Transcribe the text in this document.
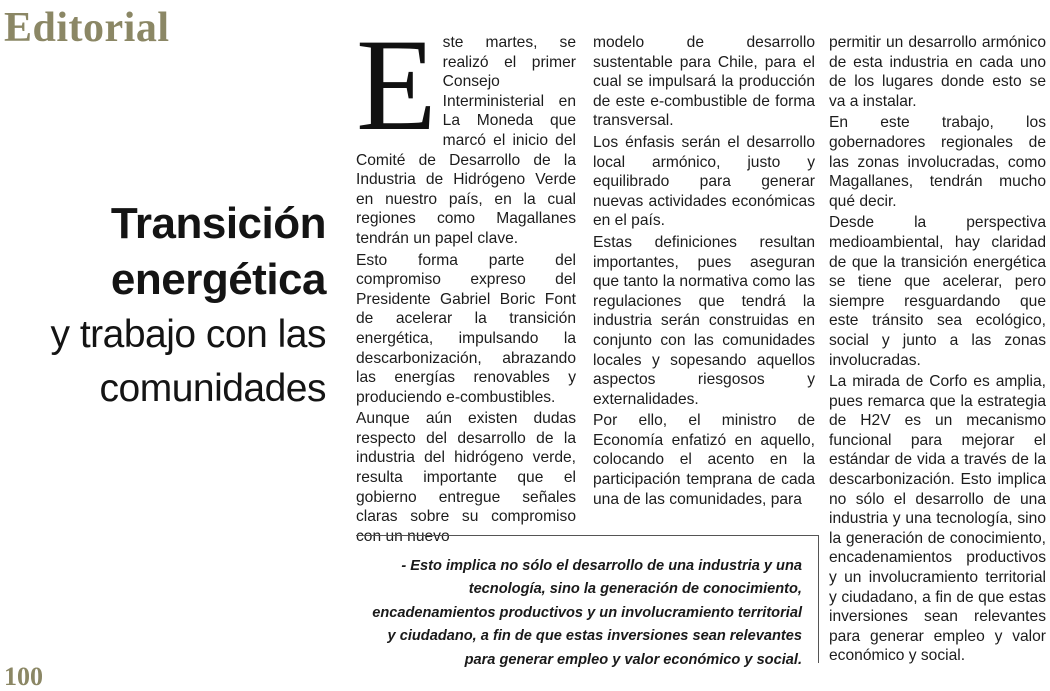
Editorial
Transición
energética
y trabajo con las
comunidades

Este martes, se realizó el primer Consejo Interministerial en La Moneda que marcó el inicio del Comité de Desarrollo de la Industria de Hidrógeno Verde en nuestro país, en la cual regiones como Magallanes tendrán un papel clave.

Esto forma parte del compromiso expreso del Presidente Gabriel Boric Font de acelerar la transición energética, impulsando la descarbonización, abrazando las energías renovables y produciendo e-combustibles.

Aunque aún existen dudas respecto del desarrollo de la industria del hidrógeno verde, resulta importante que el gobierno entregue señales claras sobre su compromiso con un nuevo

modelo de desarrollo sustentable para Chile, para el cual se impulsará la producción de este e-combustible de forma transversal.

Los énfasis serán el desarrollo local armónico, justo y equilibrado para generar nuevas actividades económicas en el país.

Estas definiciones resultan importantes, pues aseguran que tanto la normativa como las regulaciones que tendrá la industria serán construidas en conjunto con las comunidades locales y sopesando aquellos aspectos riesgosos y externalidades.

Por ello, el ministro de Economía enfatizó en aquello, colocando el acento en la participación temprana de cada una de las comunidades, para

permitir un desarrollo armónico de esta industria en cada uno de los lugares donde esto se va a instalar.

En este trabajo, los gobernadores regionales de las zonas involucradas, como Magallanes, tendrán mucho qué decir.

Desde la perspectiva medioambiental, hay claridad de que la transición energética se tiene que acelerar, pero siempre resguardando que este tránsito sea ecológico, social y junto a las zonas involucradas.

La mirada de Corfo es amplia, pues remarca que la estrategia de H2V es un mecanismo funcional para mejorar el estándar de vida a través de la descarbonización. Esto implica no sólo el desarrollo de una industria y una tecnología, sino la generación de conocimiento, encadenamientos productivos y un involucramiento territorial y ciudadano, a fin de que estas inversiones sean relevantes para generar empleo y valor económico y social.

- Esto implica no sólo el desarrollo de una industria y una tecnología, sino la generación de conocimiento, encadenamientos productivos y un involucramiento territorial y ciudadano, a fin de que estas inversiones sean relevantes para generar empleo y valor económico y social.
100
